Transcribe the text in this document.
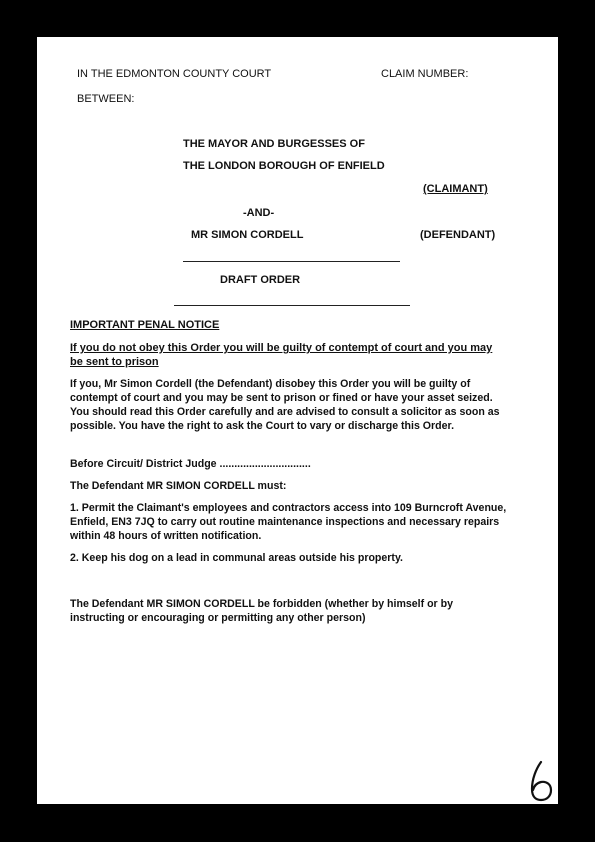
IN THE EDMONTON COUNTY COURT	CLAIM NUMBER:
BETWEEN:
THE MAYOR AND BURGESSES OF
THE LONDON BOROUGH OF ENFIELD
(CLAIMANT)
-AND-
MR SIMON CORDELL	(DEFENDANT)
DRAFT ORDER
IMPORTANT PENAL NOTICE
If you do not obey this Order you will be guilty of contempt of court and you may be sent to prison
If you, Mr Simon Cordell (the Defendant) disobey this Order you will be guilty of contempt of court and you may be sent to prison or fined or have your asset seized. You should read this Order carefully and are advised to consult a solicitor as soon as possible. You have the right to ask the Court to vary or discharge this Order.
Before Circuit/ District Judge ...............................
The Defendant MR SIMON CORDELL must:
1. Permit the Claimant's employees and contractors access into 109 Burncroft Avenue, Enfield, EN3 7JQ to carry out routine maintenance inspections and necessary repairs within 48 hours of written notification.
2. Keep his dog on a lead in communal areas outside his property.
The Defendant MR SIMON CORDELL be forbidden (whether by himself or by instructing or encouraging or permitting any other person)
